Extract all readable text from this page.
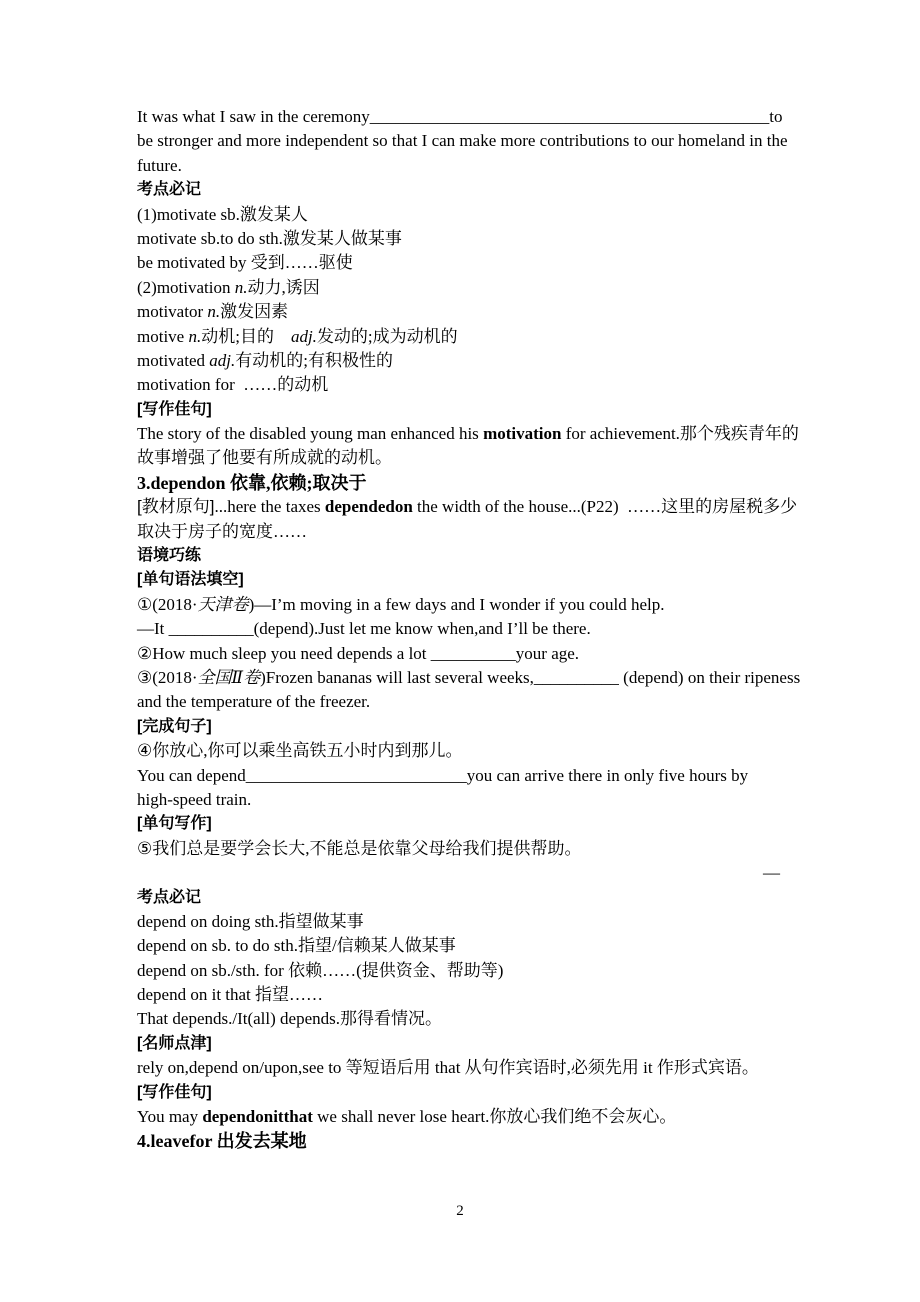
It was what I saw in the ceremony_______________________________________________to
be stronger and more independent so that I can make more contributions to our homeland in the
future.
考点必记
(1)motivate sb.激发某人
motivate sb.to do sth.激发某人做某事
be motivated by 受到……驱使
(2)motivation n.动力,诱因
motivator n.激发因素
motive n.动机;目的　adj.发动的;成为动机的
motivated adj.有动机的;有积极性的
motivation for  ……的动机
[写作佳句]
The story of the disabled young man enhanced his motivation for achievement.那个残疾青年的
故事增强了他要有所成就的动机。
3.dependon 依靠,依赖;取决于
[教材原句]...here the taxes dependedon the width of the house...(P22)  ……这里的房屋税多少
取决于房子的宽度……
语境巧练
[单句语法填空]
①(2018·天津卷)—I’m moving in a few days and I wonder if you could help.
—It __________(depend).Just let me know when,and I’ll be there.
②How much sleep you need depends a lot __________your age.
③(2018·全国Ⅱ卷)Frozen bananas will last several weeks,__________ (depend) on their ripeness
and the temperature of the freezer.
[完成句子]
④你放心,你可以乘坐高铁五小时内到那儿。
You can depend__________________________you can arrive there in only five hours by
high-speed train.
[单句写作]
⑤我们总是要学会长大,不能总是依靠父母给我们提供帮助。
—
考点必记
depend on doing sth.指望做某事
depend on sb. to do sth.指望/信赖某人做某事
depend on sb./sth. for 依赖……(提供资金、帮助等)
depend on it that 指望……
That depends./It(all) depends.那得看情况。
[名师点津]
rely on,depend on/upon,see to 等短语后用 that 从句作宾语时,必须先用 it 作形式宾语。
[写作佳句]
You may dependonitthat we shall never lose heart.你放心我们绝不会灰心。
4.leavefor 出发去某地
2
